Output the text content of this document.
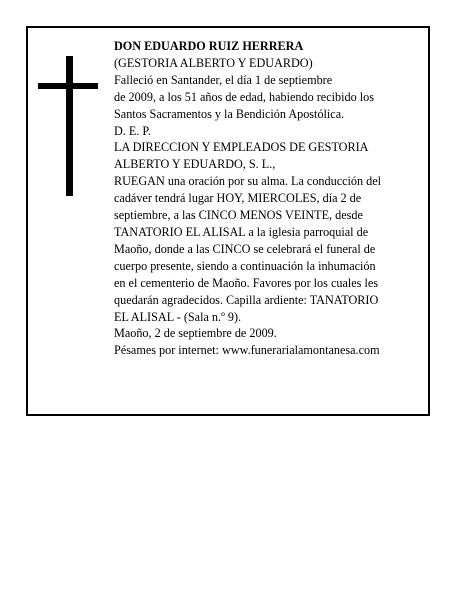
DON EDUARDO RUIZ HERRERA
(GESTORIA ALBERTO Y EDUARDO)
Falleció en Santander, el día 1 de septiembre
de 2009, a los 51 años de edad, habiendo recibido los
Santos Sacramentos y la Bendición Apostólica.
D. E. P.
LA DIRECCION Y EMPLEADOS DE GESTORIA
ALBERTO Y EDUARDO, S. L.,
RUEGAN una oración por su alma. La conducción del
cadáver tendrá lugar HOY, MIERCOLES, día 2 de
septiembre, a las CINCO MENOS VEINTE, desde
TANATORIO EL ALISAL a la iglesia parroquial de
Maoño, donde a las CINCO se celebrará el funeral de
cuerpo presente, siendo a continuación la inhumación
en el cementerio de Maoño. Favores por los cuales les
quedarán agradecidos. Capilla ardiente: TANATORIO
EL ALISAL - (Sala n.º 9).
Maoño, 2 de septiembre de 2009.
Pésames por internet: www.funerarialamontanesa.com
